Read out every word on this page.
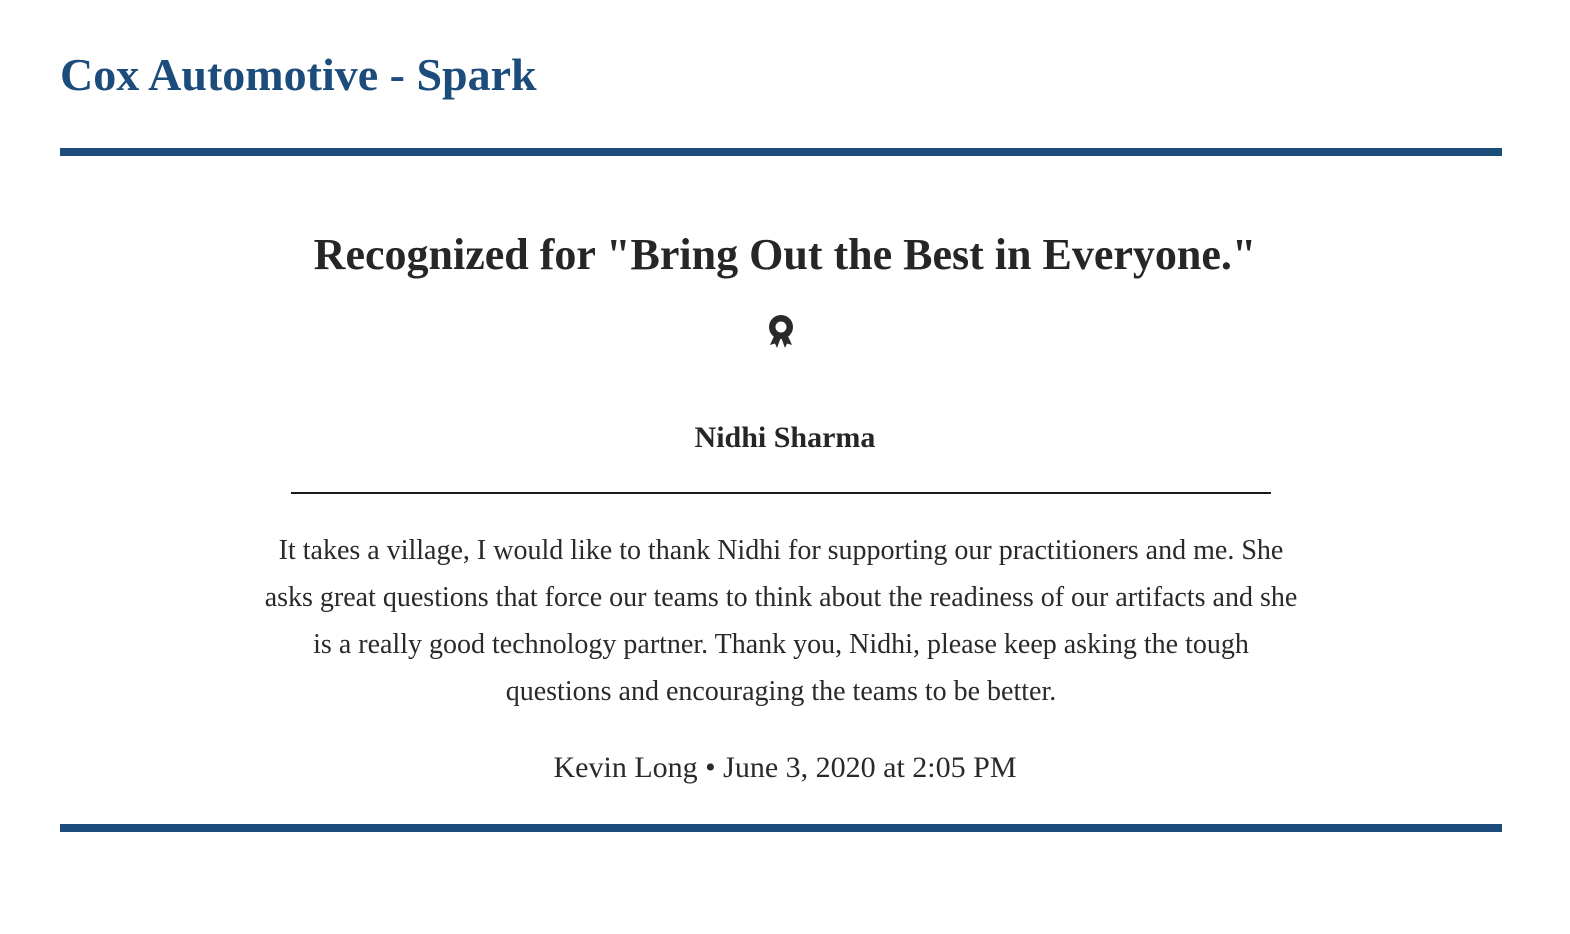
Cox Automotive - Spark
Recognized for "Bring Out the Best in Everyone."
Nidhi Sharma

It takes a village, I would like to thank Nidhi for supporting our practitioners and me. She asks great questions that force our teams to think about the readiness of our artifacts and she is a really good technology partner. Thank you, Nidhi, please keep asking the tough questions and encouraging the teams to be better.

Kevin Long • June 3, 2020 at 2:05 PM
